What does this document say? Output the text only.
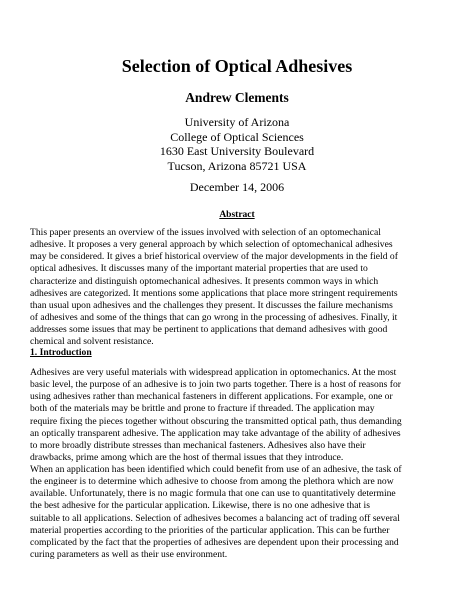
Selection of Optical Adhesives
Andrew Clements
University of Arizona
College of Optical Sciences
1630 East University Boulevard
Tucson, Arizona 85721 USA
December 14, 2006
Abstract
This paper presents an overview of the issues involved with selection of an optomechanical
adhesive. It proposes a very general approach by which selection of optomechanical adhesives
may be considered. It gives a brief historical overview of the major developments in the field of
optical adhesives. It discusses many of the important material properties that are used to
characterize and distinguish optomechanical adhesives. It presents common ways in which
adhesives are categorized. It mentions some applications that place more stringent requirements
than usual upon adhesives and the challenges they present. It discusses the failure mechanisms
of adhesives and some of the things that can go wrong in the processing of adhesives. Finally, it
addresses some issues that may be pertinent to applications that demand adhesives with good
chemical and solvent resistance.
1. Introduction
Adhesives are very useful materials with widespread application in optomechanics. At the most
basic level, the purpose of an adhesive is to join two parts together. There is a host of reasons for
using adhesives rather than mechanical fasteners in different applications. For example, one or
both of the materials may be brittle and prone to fracture if threaded. The application may
require fixing the pieces together without obscuring the transmitted optical path, thus demanding
an optically transparent adhesive. The application may take advantage of the ability of adhesives
to more broadly distribute stresses than mechanical fasteners. Adhesives also have their
drawbacks, prime among which are the host of thermal issues that they introduce.
When an application has been identified which could benefit from use of an adhesive, the task of
the engineer is to determine which adhesive to choose from among the plethora which are now
available. Unfortunately, there is no magic formula that one can use to quantitatively determine
the best adhesive for the particular application. Likewise, there is no one adhesive that is
suitable to all applications. Selection of adhesives becomes a balancing act of trading off several
material properties according to the priorities of the particular application. This can be further
complicated by the fact that the properties of adhesives are dependent upon their processing and
curing parameters as well as their use environment.
